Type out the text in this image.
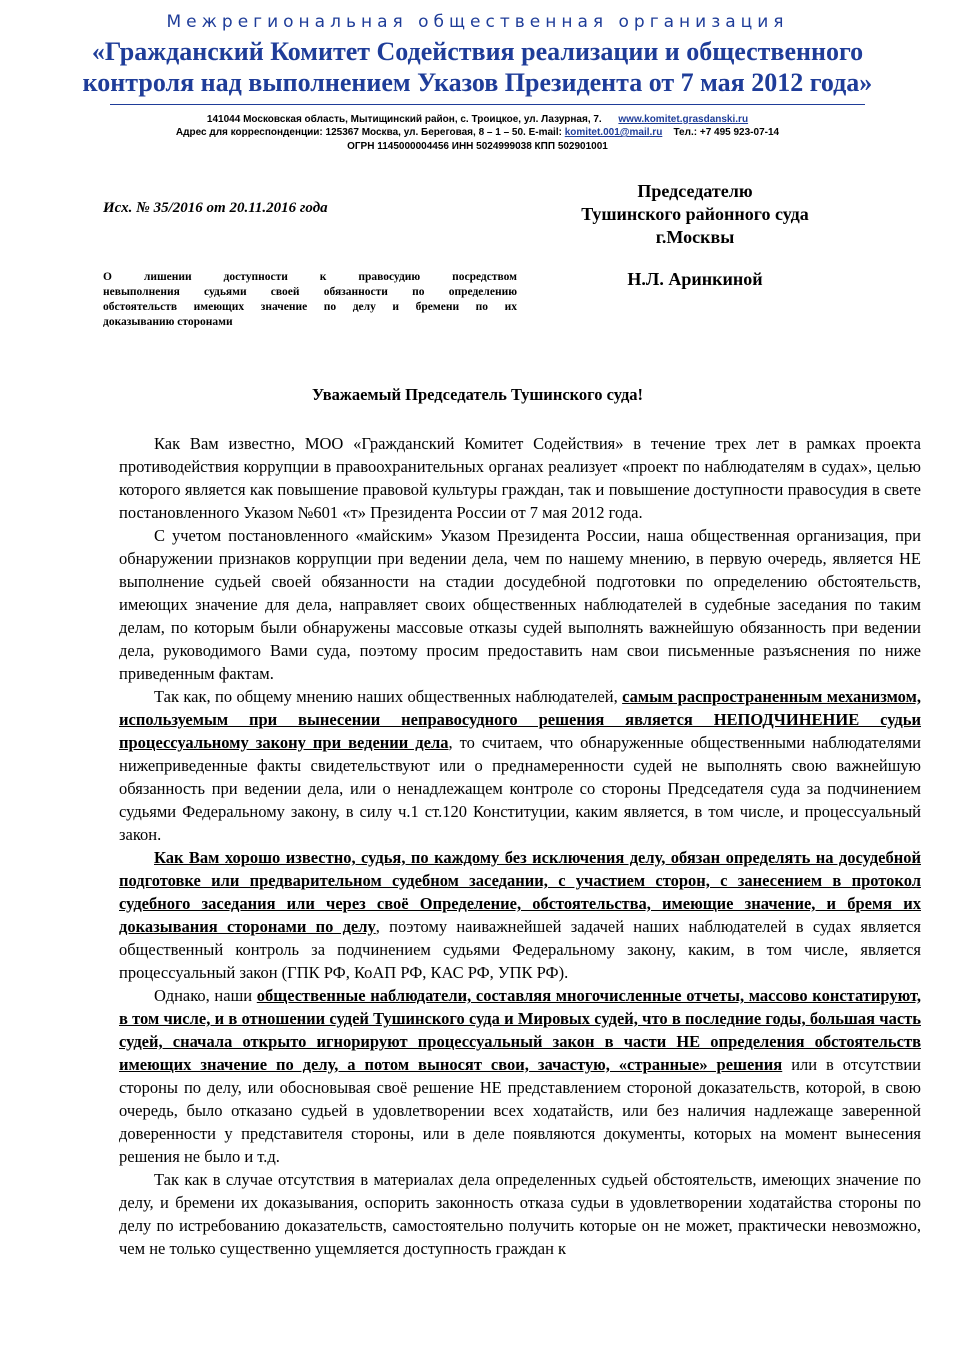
Межрегиональная общественная организация
«Гражданский Комитет Содействия реализации и общественного контроля над выполнением Указов Президента от 7 мая 2012 года»
141044 Московская область, Мытищинский район, с. Троицкое, ул. Лазурная, 7. www.komitet.grasdanski.ru
Адрес для корреспонденции: 125367 Москва, ул. Береговая, 8 – 1 – 50. E-mail: komitet.001@mail.ru Тел.: +7 495 923-07-14
ОГРН 1145000004456 ИНН 5024999038 КПП 502901001
Исх. № 35/2016 от 20.11.2016 года
Председателю
Тушинского районного суда
г.Москвы
Н.Л. Аринкиной
О лишении доступности к правосудию посредством
невыполнения судьями своей обязанности по определению
обстоятельств имеющих значение по делу и бремени по их
доказыванию сторонами
Уважаемый Председатель Тушинского суда!

Как Вам известно, МОО «Гражданский Комитет Содействия» в течение трех лет в рамках проекта противодействия коррупции в правоохранительных органах реализует «проект по наблюдателям в судах», целью которого является как повышение правовой культуры граждан, так и повышение доступности правосудия в свете постановленного Указом №601 «т» Президента России от 7 мая 2012 года.

С учетом постановленного «майским» Указом Президента России, наша общественная организация, при обнаружении признаков коррупции при ведении дела, чем по нашему мнению, в первую очередь, является НЕ выполнение судьей своей обязанности на стадии досудебной подготовки по определению обстоятельств, имеющих значение для дела, направляет своих общественных наблюдателей в судебные заседания по таким делам, по которым были обнаружены массовые отказы судей выполнять важнейшую обязанность при ведении дела, руководимого Вами суда, поэтому просим предоставить нам свои письменные разъяснения по ниже приведенным фактам.

Так как, по общему мнению наших общественных наблюдателей, самым распространенным механизмом, используемым при вынесении неправосудного решения является НЕПОДЧИНЕНИЕ судьи процессуальному закону при ведении дела, то считаем, что обнаруженные общественными наблюдателями нижеприведенные факты свидетельствуют или о преднамеренности судей не выполнять свою важнейшую обязанность при ведении дела, или о ненадлежащем контроле со стороны Председателя суда за подчинением судьями Федеральному закону, в силу ч.1 ст.120 Конституции, каким является, в том числе, и процессуальный закон.

Как Вам хорошо известно, судья, по каждому без исключения делу, обязан определять на досудебной подготовке или предварительном судебном заседании, с участием сторон, с занесением в протокол судебного заседания или через своё Определение, обстоятельства, имеющие значение, и бремя их доказывания сторонами по делу, поэтому наиважнейшей задачей наших наблюдателей в судах является общественный контроль за подчинением судьями Федеральному закону, каким, в том числе, является процессуальный закон (ГПК РФ, КоАП РФ, КАС РФ, УПК РФ).

Однако, наши общественные наблюдатели, составляя многочисленные отчеты, массово констатируют, в том числе, и в отношении судей Тушинского суда и Мировых судей, что в последние годы, большая часть судей, сначала открыто игнорируют процессуальный закон в части НЕ определения обстоятельств имеющих значение по делу, а потом выносят свои, зачастую, «странные» решения или в отсутствии стороны по делу, или обосновывая своё решение НЕ представлением стороной доказательств, которой, в свою очередь, было отказано судьей в удовлетворении всех ходатайств, или без наличия надлежаще заверенной доверенности у представителя стороны, или в деле появляются документы, которых на момент вынесения решения не было и т.д.

Так как в случае отсутствия в материалах дела определенных судьей обстоятельств, имеющих значение по делу, и бремени их доказывания, оспорить законность отказа судьи в удовлетворении ходатайства стороны по делу по истребованию доказательств, самостоятельно получить которые он не может, практически невозможно, чем не только существенно ущемляется доступность граждан к
